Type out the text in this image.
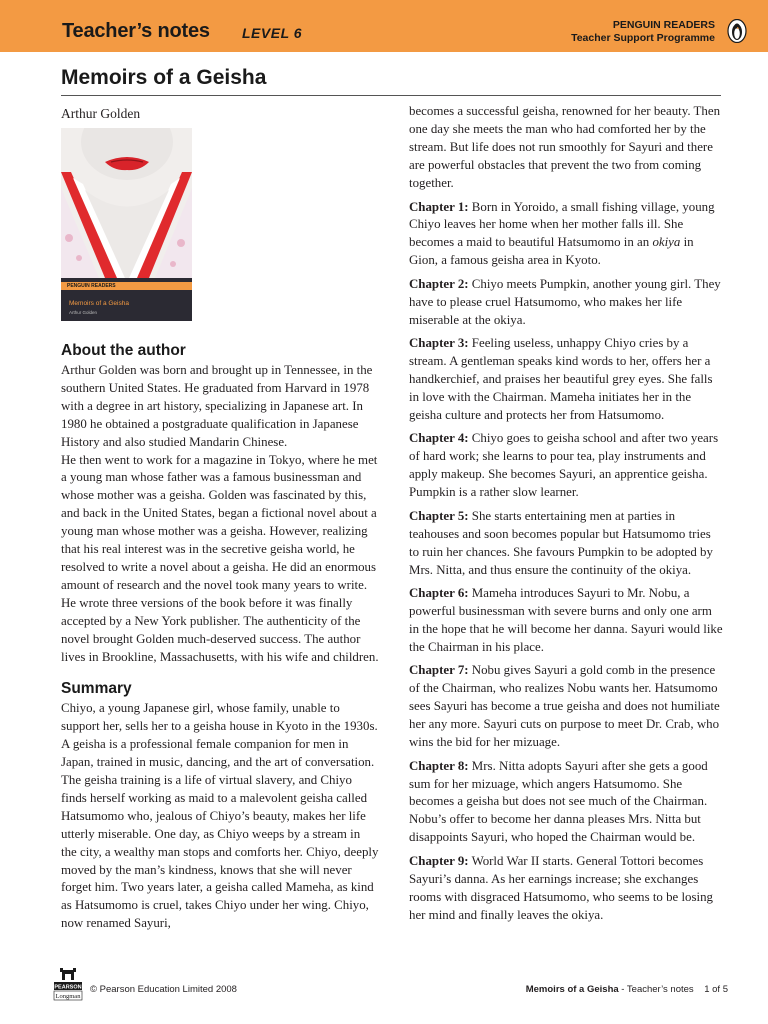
Teacher’s notes LEVEL 6	PENGUIN READERS
Teacher Support Programme
Memoirs of a Geisha
Arthur Golden
PENGUIN READERS
Memoirs of a Geisha
Arthur Golden
About the author

Arthur Golden was born and brought up in Tennessee, in the southern United States. He graduated from Harvard in 1978 with a degree in art history, specializing in Japanese art. In 1980 he obtained a postgraduate qualification in Japanese History and also studied Mandarin Chinese.

He then went to work for a magazine in Tokyo, where he met a young man whose father was a famous businessman and whose mother was a geisha. Golden was fascinated by this, and back in the United States, began a fictional novel about a young man whose mother was a geisha. However, realizing that his real interest was in the secretive geisha world, he resolved to write a novel about a geisha. He did an enormous amount of research and the novel took many years to write. He wrote three versions of the book before it was finally accepted by a New York publisher. The authenticity of the novel brought Golden much-deserved success. The author lives in Brookline, Massachusetts, with his wife and children.

Summary

Chiyo, a young Japanese girl, whose family, unable to support her, sells her to a geisha house in Kyoto in the 1930s. A geisha is a professional female companion for men in Japan, trained in music, dancing, and the art of conversation. The geisha training is a life of virtual slavery, and Chiyo finds herself working as maid to a malevolent geisha called Hatsumomo who, jealous of Chiyo’s beauty, makes her life utterly miserable. One day, as Chiyo weeps by a stream in the city, a wealthy man stops and comforts her. Chiyo, deeply moved by the man’s kindness, knows that she will never forget him. Two years later, a geisha called Mameha, as kind as Hatsumomo is cruel, takes Chiyo under her wing. Chiyo, now renamed Sayuri,

becomes a successful geisha, renowned for her beauty. Then one day she meets the man who had comforted her by the stream. But life does not run smoothly for Sayuri and there are powerful obstacles that prevent the two from coming together.

Chapter 1: Born in Yoroido, a small fishing village, young Chiyo leaves her home when her mother falls ill. She becomes a maid to beautiful Hatsumomo in an okiya in Gion, a famous geisha area in Kyoto.

Chapter 2: Chiyo meets Pumpkin, another young girl. They have to please cruel Hatsumomo, who makes her life miserable at the okiya.

Chapter 3: Feeling useless, unhappy Chiyo cries by a stream. A gentleman speaks kind words to her, offers her a handkerchief, and praises her beautiful grey eyes. She falls in love with the Chairman. Mameha initiates her in the geisha culture and protects her from Hatsumomo.

Chapter 4: Chiyo goes to geisha school and after two years of hard work; she learns to pour tea, play instruments and apply makeup. She becomes Sayuri, an apprentice geisha. Pumpkin is a rather slow learner.

Chapter 5: She starts entertaining men at parties in teahouses and soon becomes popular but Hatsumomo tries to ruin her chances. She favours Pumpkin to be adopted by Mrs. Nitta, and thus ensure the continuity of the okiya.

Chapter 6: Mameha introduces Sayuri to Mr. Nobu, a powerful businessman with severe burns and only one arm in the hope that he will become her danna. Sayuri would like the Chairman in his place.

Chapter 7: Nobu gives Sayuri a gold comb in the presence of the Chairman, who realizes Nobu wants her. Hatsumomo sees Sayuri has become a true geisha and does not humiliate her any more. Sayuri cuts on purpose to meet Dr. Crab, who wins the bid for her mizuage.

Chapter 8: Mrs. Nitta adopts Sayuri after she gets a good sum for her mizuage, which angers Hatsumomo. She becomes a geisha but does not see much of the Chairman. Nobu’s offer to become her danna pleases Mrs. Nitta but disappoints Sayuri, who hoped the Chairman would be.

Chapter 9: World War II starts. General Tottori becomes Sayuri’s danna. As her earnings increase; she exchanges rooms with disgraced Hatsumomo, who seems to be losing her mind and finally leaves the okiya.

PEARSON
Longman
© Pearson Education Limited 2008	Memoirs of a Geisha - Teacher’s notes 1 of 5
